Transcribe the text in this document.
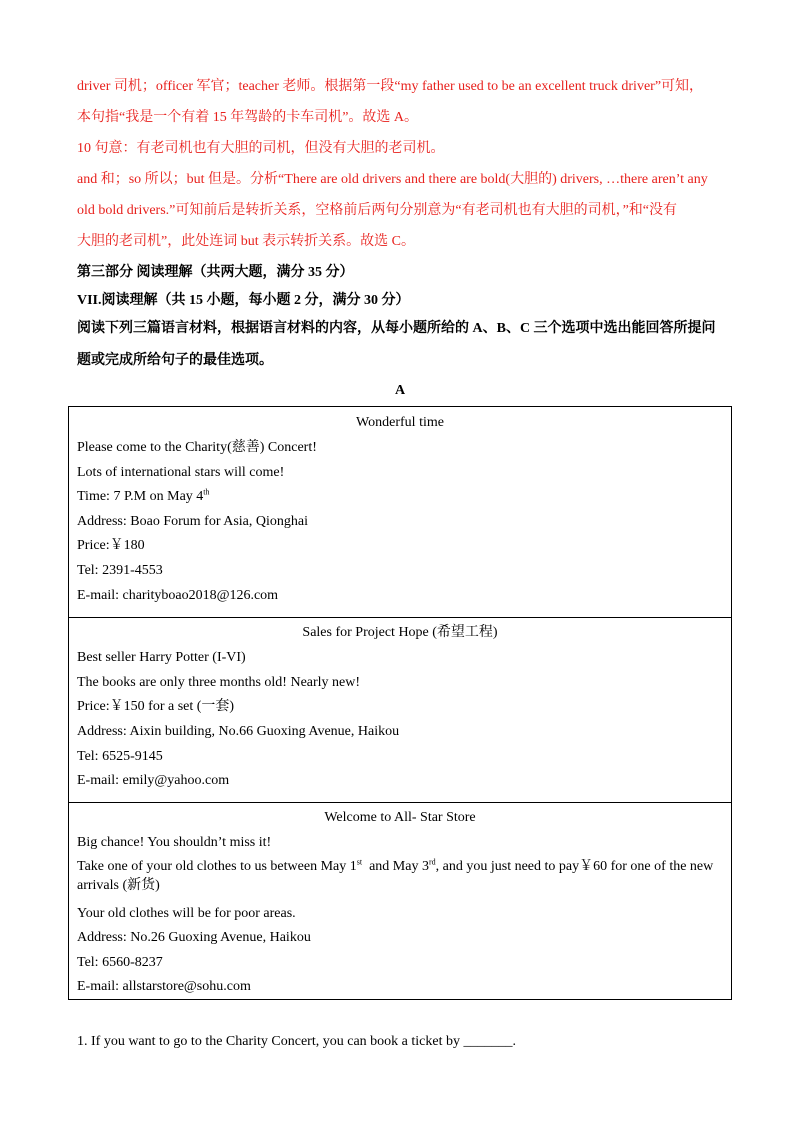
driver 司机；officer 军官；teacher 老师。根据第一段“my father used to be an excellent truck driver”可知，

本句指“我是一个有着 15 年驾龄的卡车司机”。故选 A。

10 句意：有老司机也有大胆的司机，但没有大胆的老司机。

and 和；so 所以；but 但是。分析“There are old drivers and there are bold(大胆的) drivers, …there aren’t any

old bold drivers.”可知前后是转折关系，空格前后两句分别意为“有老司机也有大胆的司机，”和“没有

大胆的老司机”，此处连词 but 表示转折关系。故选 C。

第三部分 阅读理解（共两大题，满分 35 分）

VII.阅读理解（共 15 小题，每小题 2 分，满分 30 分）

阅读下列三篇语言材料，根据语言材料的内容，从每小题所给的 A、B、C 三个选项中选出能回答所提问

题或完成所给句子的最佳选项。

A
Wonderful time
Please come to the Charity(慈善) Concert!
Lots of international stars will come!
Time: 7 P.M on May 4th
Address: Boao Forum for Asia, Qionghai
Price:￥180
Tel: 2391-4553
E-mail: charityboao2018@126.com
Sales for Project Hope (希望工程)
Best seller Harry Potter (I-VI)
The books are only three months old! Nearly new!
Price:￥150 for a set (一套)
Address: Aixin building, No.66 Guoxing Avenue, Haikou
Tel: 6525-9145
E-mail: emily@yahoo.com
Welcome to All- Star Store
Big chance! You shouldn’t miss it!
Take one of your old clothes to us between May 1st  and May 3rd, and you just need to pay￥60 for one of the new
arrivals (新货)
Your old clothes will be for poor areas.
Address: No.26 Guoxing Avenue, Haikou
Tel: 6560-8237
E-mail: allstarstore@sohu.com
1. If you want to go to the Charity Concert, you can book a ticket by _______.
